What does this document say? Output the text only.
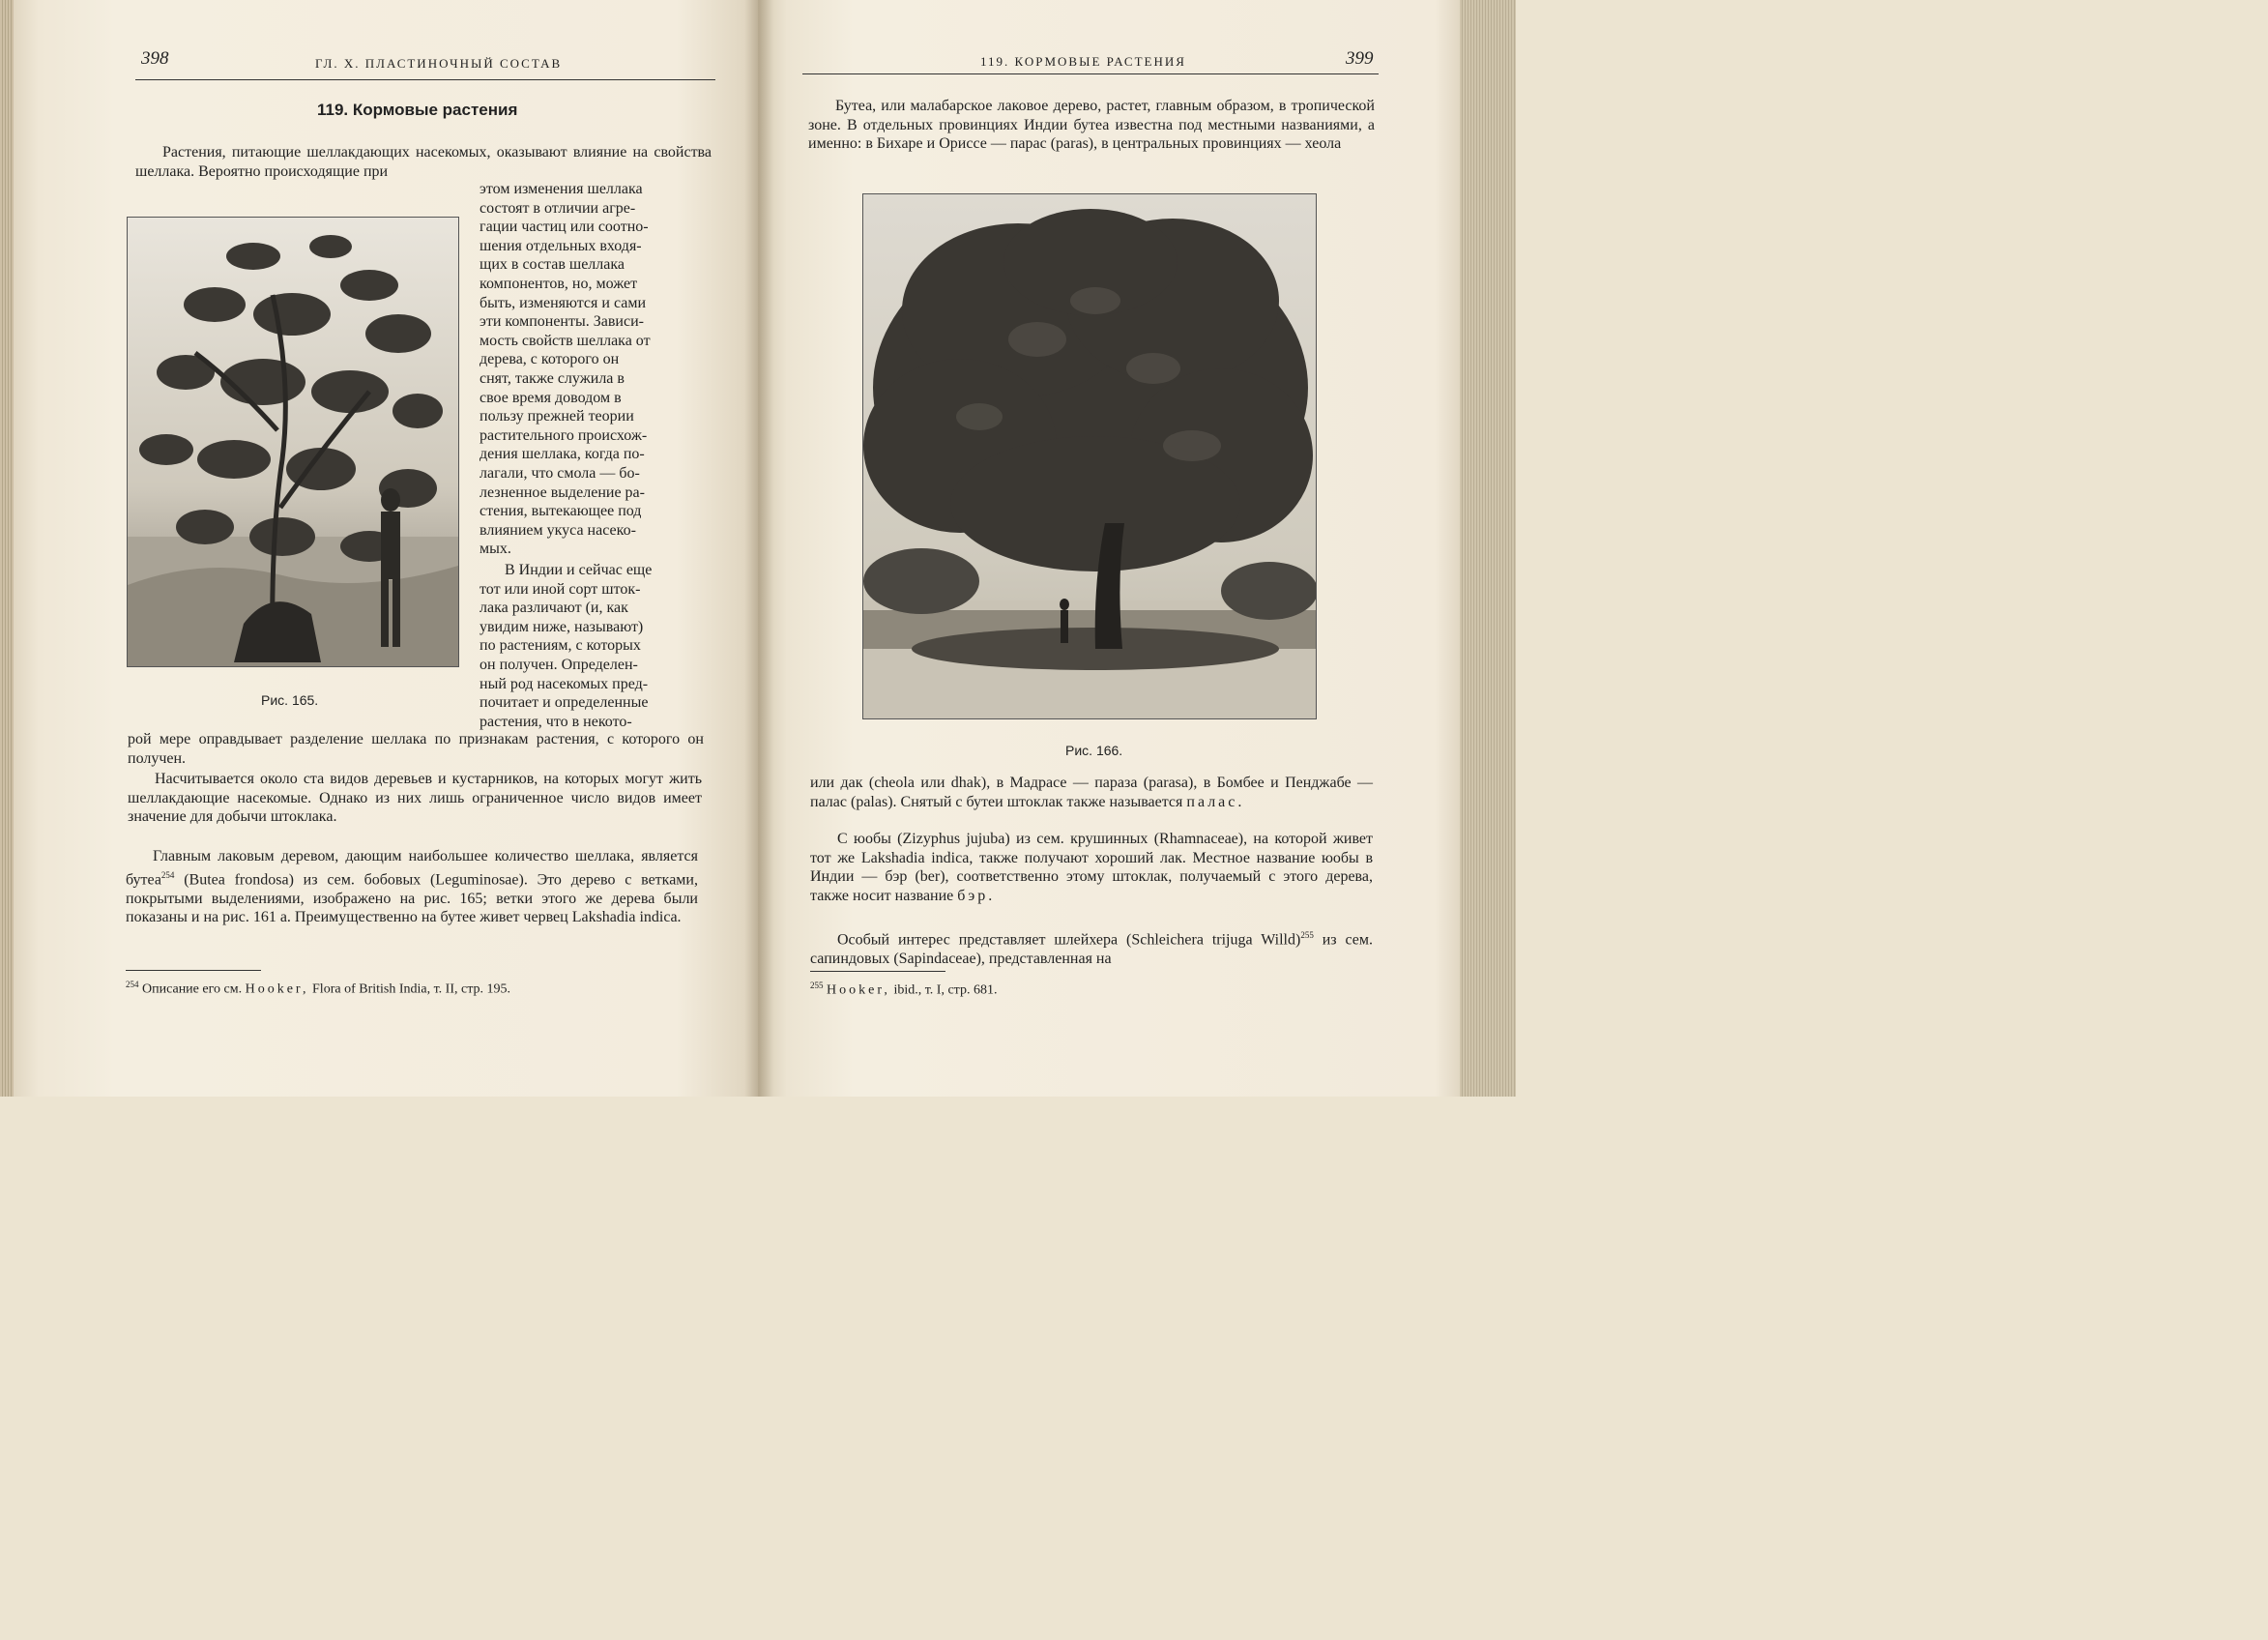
398	ГЛ. X. ПЛАСТИНОЧНЫЙ СОСТАВ
119. Кормовые растения
Растения, питающие шеллакдающих насекомых, оказывают влияние на свойства шеллака. Вероятно происходящие при

этом изменения шеллака

состоят в отличии агре-

гации частиц или соотно-

шения отдельных входя-

щих в состав шеллака

компонентов, но, может

быть, изменяются и сами

эти компоненты. Зависи-

мость свойств шеллака от

дерева, с которого он

снят, также служила в

свое время доводом в

пользу прежней теории

растительного происхож-

дения шеллака, когда по-

лагали, что смола — бо-

лезненное выделение ра-

стения, вытекающее под

влиянием укуса насеко-

мых.

В Индии и сейчас еще

тот или иной сорт шток-

лака различают (и, как

увидим ниже, называют)

по растениям, с которых

он получен. Определен-

ный род насекомых пред-

почитает и определенные

растения, что в некото-

Рис. 165.
рой мере оправдывает разделение шеллака по признакам растения, с которого он получен.
Насчитывается около ста видов деревьев и кустарников, на которых могут жить шеллакдающие насекомые. Однако из них лишь ограниченное число видов имеет значение для добычи штоклака.
Главным лаковым деревом, дающим наибольшее количество шеллака, является бутеа$^{254}$ (Butea frondosa) из сем. бобовых (Leguminosae). Это дерево с ветками, покрытыми выделениями, изображено на рис. 165; ветки этого же дерева были показаны и на рис. 161 а. Преимущественно на бутее живет червец Lakshadia indica.
$^{254}$ Описание его см. Hooker, Flora of British India, т. II, стр. 195.
119. КОРМОВЫЕ РАСТЕНИЯ	399
Бутеа, или малабарское лаковое дерево, растет, главным образом, в тропической зоне. В отдельных провинциях Индии бутеа известна под местными названиями, а именно: в Бихаре и Ориссе — парас (paras), в центральных провинциях — хеола
Рис. 166.
или дак (cheola или dhak), в Мадрасе — параза (parasa), в Бомбее и Пенджабе — палас (palas). Снятый с бутеи штоклак также называется палас.
С юобы (Zizyphus jujuba) из сем. крушинных (Rhamnaceae), на которой живет тот же Lakshadia indica, также получают хороший лак. Местное название юобы в Индии — бэр (ber), соответственно этому штоклак, получаемый с этого дерева, также носит название бэр.
Особый интерес представляет шлейхера (Schleichera trijuga Willd)$^{255}$ из сем. сапиндовых (Sapindaceae), представленная на
$^{255}$ Hooker, ibid., т. I, стр. 681.
